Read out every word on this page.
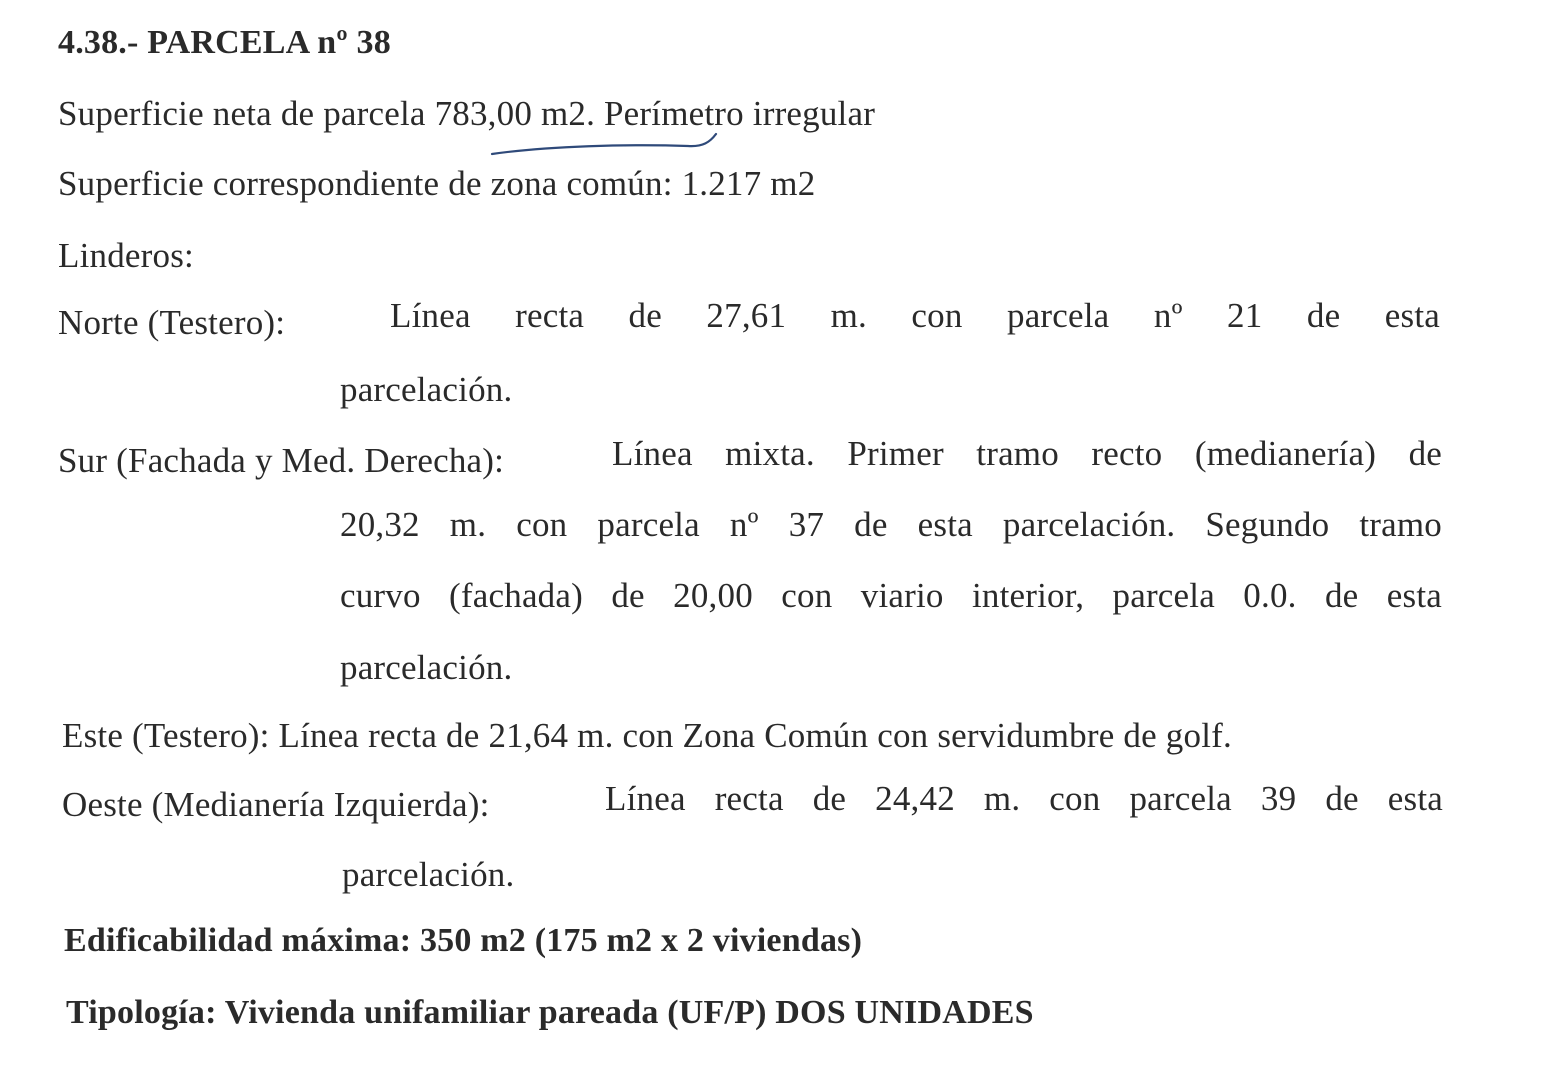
4.38.- PARCELA nº 38
Superficie neta de parcela 783,00 m2. Perímetro irregular
Superficie correspondiente de zona común: 1.217 m2
Linderos:
Norte (Testero):	Línea recta de 27,61 m. con parcela nº 21 de esta
parcelación.
Sur (Fachada y Med. Derecha):	Línea mixta. Primer tramo recto (medianería) de
20,32 m. con parcela nº 37 de esta parcelación. Segundo tramo
curvo (fachada) de 20,00 con viario interior, parcela 0.0. de esta
parcelación.
Este (Testero): Línea recta de 21,64 m. con Zona Común con servidumbre de golf.
Oeste (Medianería Izquierda):	Línea recta de 24,42 m. con parcela 39 de esta
parcelación.
Edificabilidad máxima: 350 m2 (175 m2 x 2 viviendas)
Tipología: Vivienda unifamiliar pareada (UF/P) DOS UNIDADES
